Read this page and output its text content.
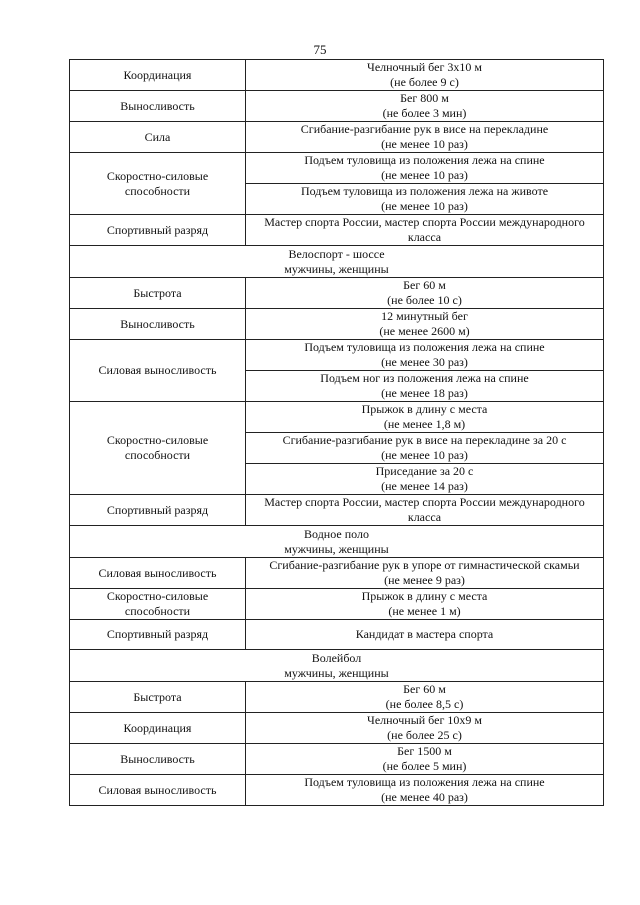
75
Координация	Челночный бег 3х10 м
(не более 9 с)

Выносливость	Бег 800 м
(не более 3 мин)

Сила	Сгибание-разгибание рук в висе на перекладине
(не менее 10 раз)

Скоростно-силовые способности	Подъем туловища из положения лежа на спине
(не менее 10 раз)

	Подъем туловища из положения лежа на животе
(не менее 10 раз)

Спортивный разряд	Мастер спорта России, мастер спорта России международного класса

Велоспорт - шоссе
мужчины, женщины	

Быстрота	Бег 60 м
(не более 10 с)

Выносливость	12 минутный бег
(не менее 2600 м)

Силовая выносливость	Подъем туловища из положения лежа на спине
(не менее 30 раз)

	Подъем ног из положения лежа на спине
(не менее 18 раз)

Скоростно-силовые способности	Прыжок в длину с места
(не менее 1,8 м)

	Сгибание-разгибание рук в висе на перекладине за 20 с
(не менее 10 раз)

	Приседание за 20 с
(не менее 14 раз)

Спортивный разряд	Мастер спорта России, мастер спорта России международного класса

Водное поло
мужчины, женщины	

Силовая выносливость	Сгибание-разгибание рук в упоре от гимнастической скамьи
(не менее 9 раз)

Скоростно-силовые способности	Прыжок в длину с места
(не менее 1 м)

Спортивный разряд	Кандидат в мастера спорта

Волейбол
мужчины, женщины	

Быстрота	Бег 60 м
(не более 8,5 с)

Координация	Челночный бег 10х9 м
(не более 25 с)

Выносливость	Бег 1500 м
(не более 5 мин)

Силовая выносливость	Подъем туловища из положения лежа на спине
(не менее 40 раз)
